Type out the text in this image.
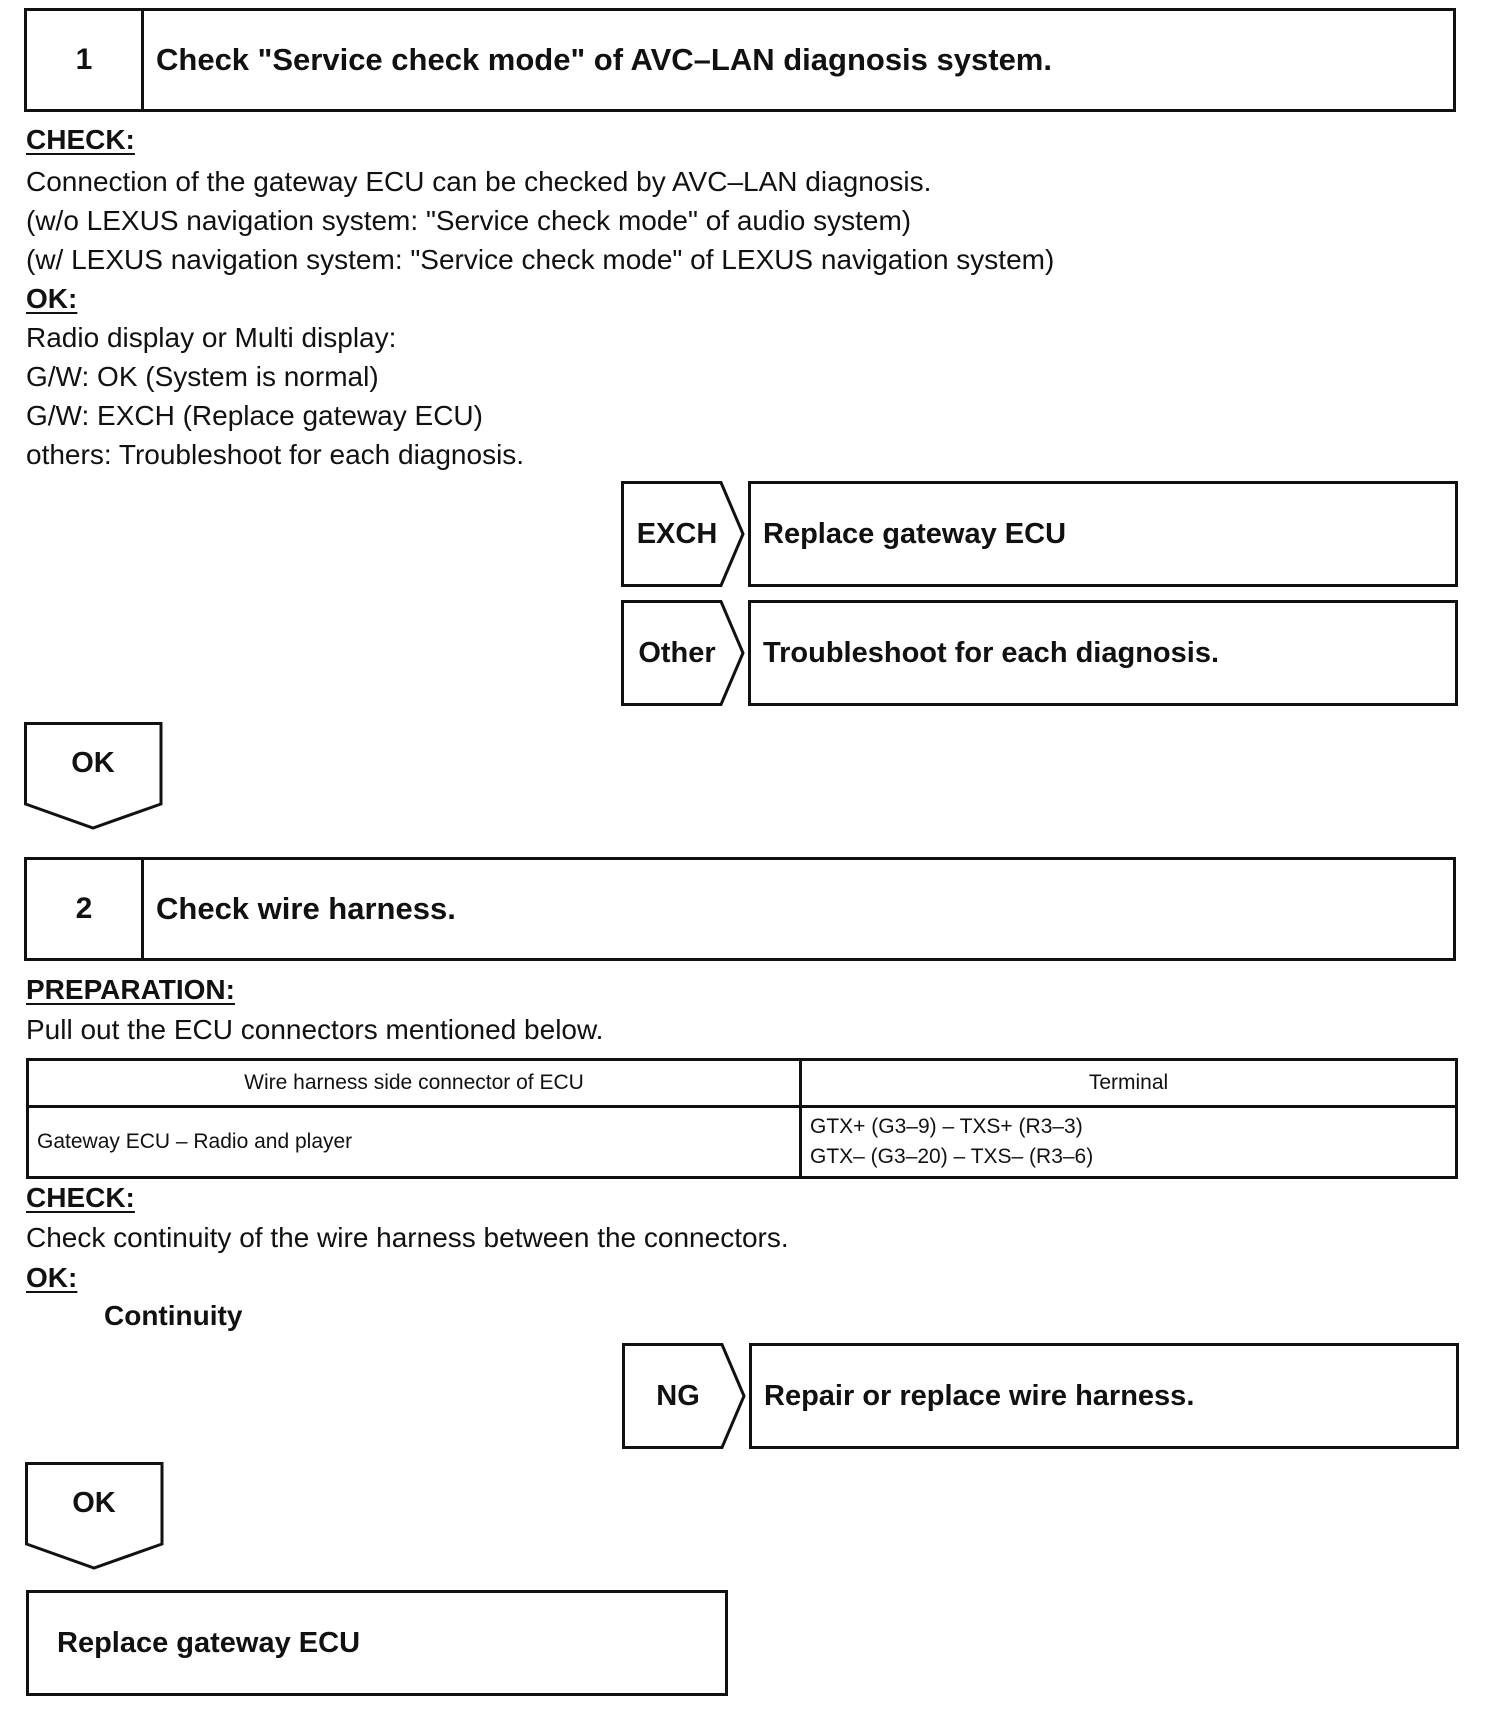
1	Check "Service check mode" of AVC–LAN diagnosis system.
CHECK:
Connection of the gateway ECU can be checked by AVC–LAN diagnosis.
(w/o LEXUS navigation system: "Service check mode" of audio system)
(w/ LEXUS navigation system: "Service check mode" of LEXUS navigation system)
OK:
Radio display or Multi display:
G/W: OK (System is normal)
G/W: EXCH (Replace gateway ECU)
others: Troubleshoot for each diagnosis.
EXCH	Replace gateway ECU
Other	Troubleshoot for each diagnosis.
OK
2	Check wire harness.
PREPARATION:
Pull out the ECU connectors mentioned below.
Wire harness side connector of ECU	Terminal
Gateway ECU – Radio and player	GTX+ (G3–9) – TXS+ (R3–3)
GTX– (G3–20) – TXS– (R3–6)
CHECK:
Check continuity of the wire harness between the connectors.
OK:
Continuity
NG	Repair or replace wire harness.
OK
Replace gateway ECU
